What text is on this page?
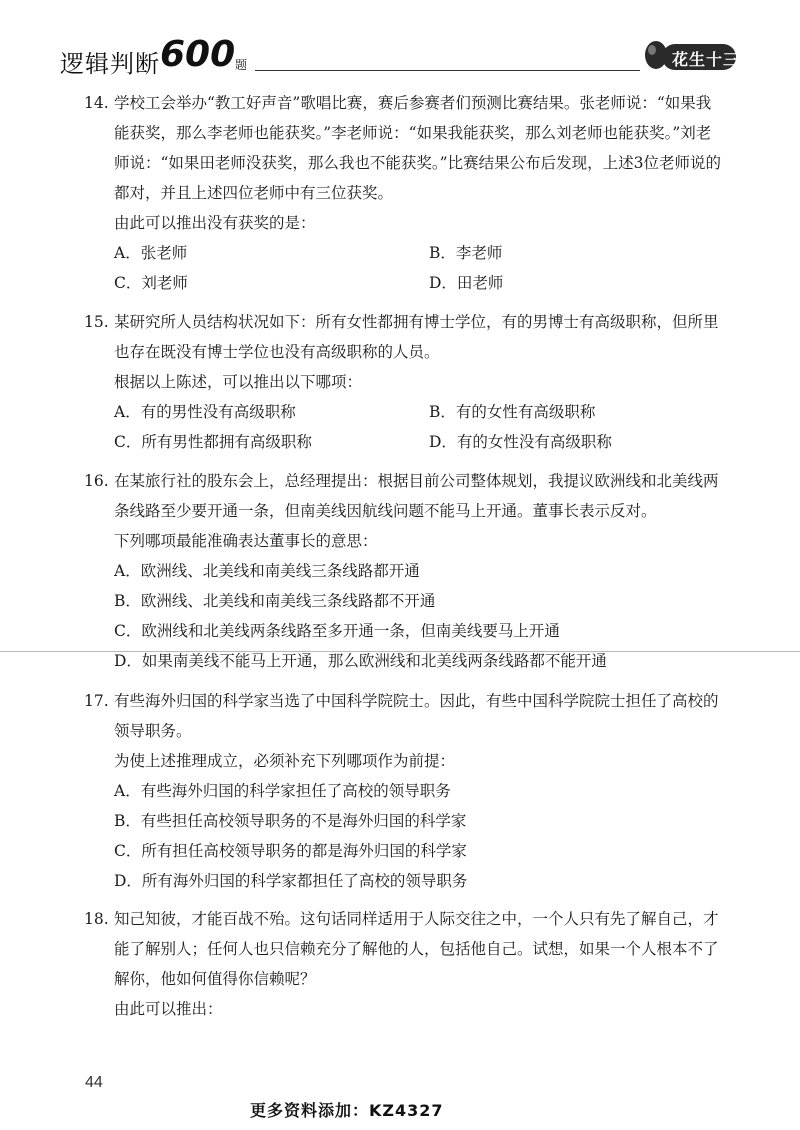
逻辑判断 600 题	花生十三
14. 学校工会举办“教工好声音”歌唱比赛，赛后参赛者们预测比赛结果。张老师说：“如果我能获奖，那么李老师也能获奖。”李老师说：“如果我能获奖，那么刘老师也能获奖。”刘老师说：“如果田老师没获奖，那么我也不能获奖。”比赛结果公布后发现，上述3位老师说的都对，并且上述四位老师中有三位获奖。
由此可以推出没有获奖的是：
A．张老师	B．李老师
C．刘老师	D．田老师
15. 某研究所人员结构状况如下：所有女性都拥有博士学位，有的男博士有高级职称，但所里也存在既没有博士学位也没有高级职称的人员。
根据以上陈述，可以推出以下哪项：
A．有的男性没有高级职称	B．有的女性有高级职称
C．所有男性都拥有高级职称	D．有的女性没有高级职称
16. 在某旅行社的股东会上，总经理提出：根据目前公司整体规划，我提议欧洲线和北美线两条线路至少要开通一条，但南美线因航线问题不能马上开通。董事长表示反对。
下列哪项最能准确表达董事长的意思：
A．欧洲线、北美线和南美线三条线路都开通
B．欧洲线、北美线和南美线三条线路都不开通
C．欧洲线和北美线两条线路至多开通一条，但南美线要马上开通
D．如果南美线不能马上开通，那么欧洲线和北美线两条线路都不能开通
17. 有些海外归国的科学家当选了中国科学院院士。因此，有些中国科学院院士担任了高校的领导职务。
为使上述推理成立，必须补充下列哪项作为前提：
A．有些海外归国的科学家担任了高校的领导职务
B．有些担任高校领导职务的不是海外归国的科学家
C．所有担任高校领导职务的都是海外归国的科学家
D．所有海外归国的科学家都担任了高校的领导职务
18. 知己知彼，才能百战不殆。这句话同样适用于人际交往之中，一个人只有先了解自己，才能了解别人；任何人也只信赖充分了解他的人，包括他自己。试想，如果一个人根本不了解你，他如何值得你信赖呢？
由此可以推出：
44
更多资料添加：KZ4327
